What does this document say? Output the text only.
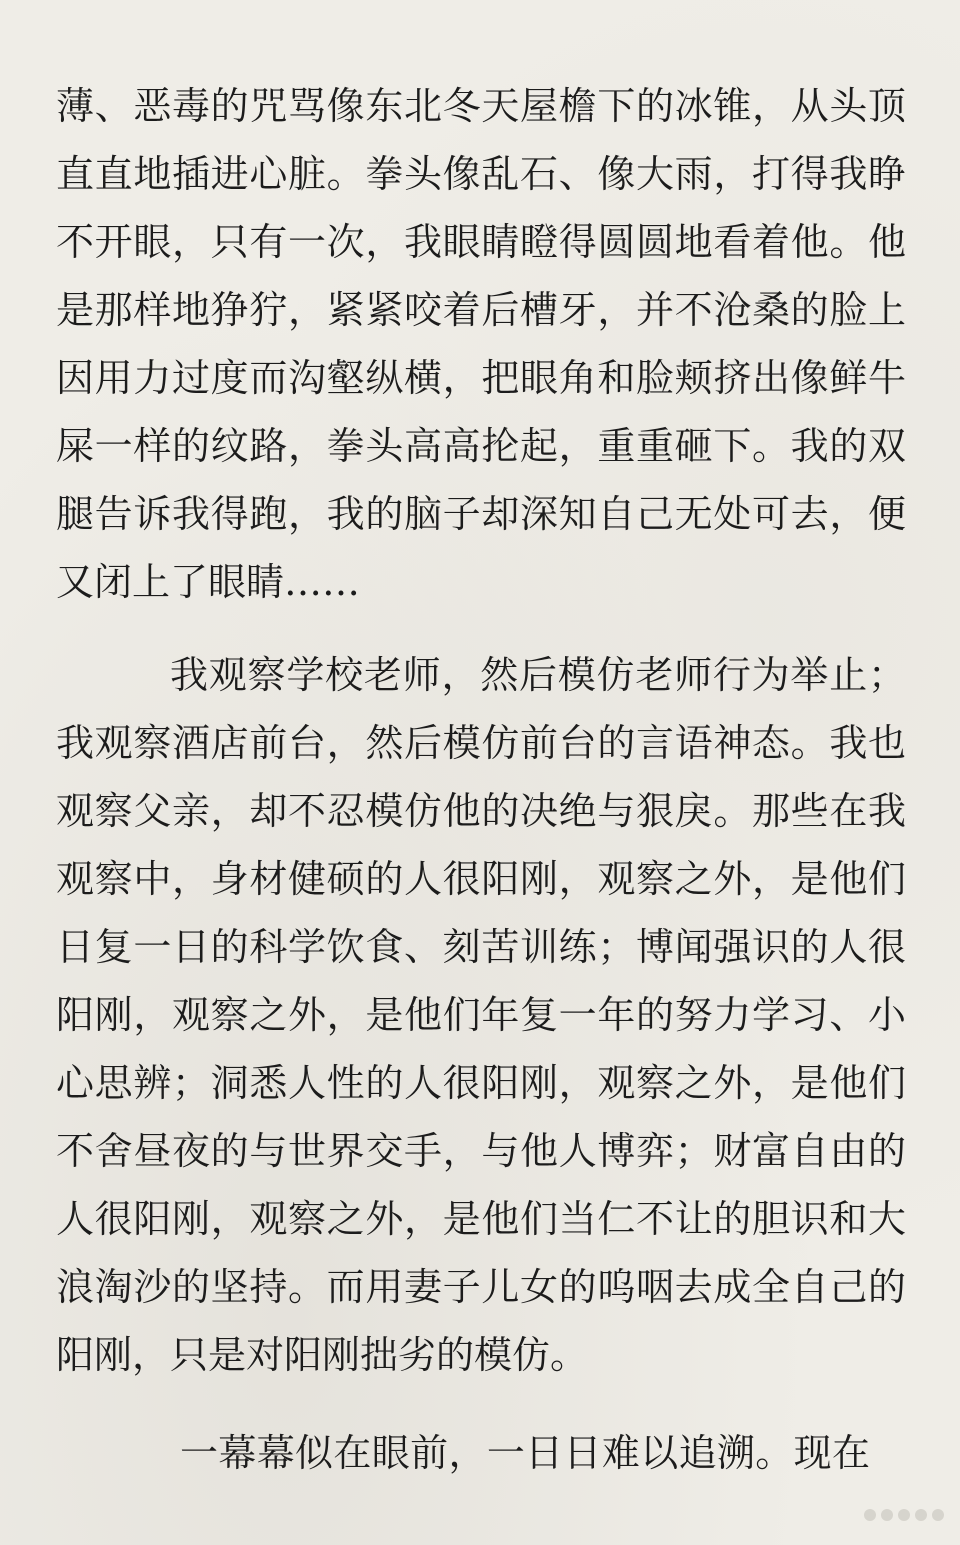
薄、恶毒的咒骂像东北冬天屋檐下的冰锥，从头顶
直直地插进心脏。拳头像乱石、像大雨，打得我睁
不开眼，只有一次，我眼睛瞪得圆圆地看着他。他
是那样地狰狞，紧紧咬着后槽牙，并不沧桑的脸上
因用力过度而沟壑纵横，把眼角和脸颊挤出像鲜牛
屎一样的纹路，拳头高高抡起，重重砸下。我的双
腿告诉我得跑，我的脑子却深知自己无处可去，便
又闭上了眼睛……
我观察学校老师，然后模仿老师行为举止；
我观察酒店前台，然后模仿前台的言语神态。我也
观察父亲，却不忍模仿他的决绝与狠戾。那些在我
观察中，身材健硕的人很阳刚，观察之外，是他们
日复一日的科学饮食、刻苦训练；博闻强识的人很
阳刚，观察之外，是他们年复一年的努力学习、小
心思辨；洞悉人性的人很阳刚，观察之外，是他们
不舍昼夜的与世界交手，与他人博弈；财富自由的
人很阳刚，观察之外，是他们当仁不让的胆识和大
浪淘沙的坚持。而用妻子儿女的呜咽去成全自己的
阳刚，只是对阳刚拙劣的模仿。
一幕幕似在眼前，一日日难以追溯。现在
